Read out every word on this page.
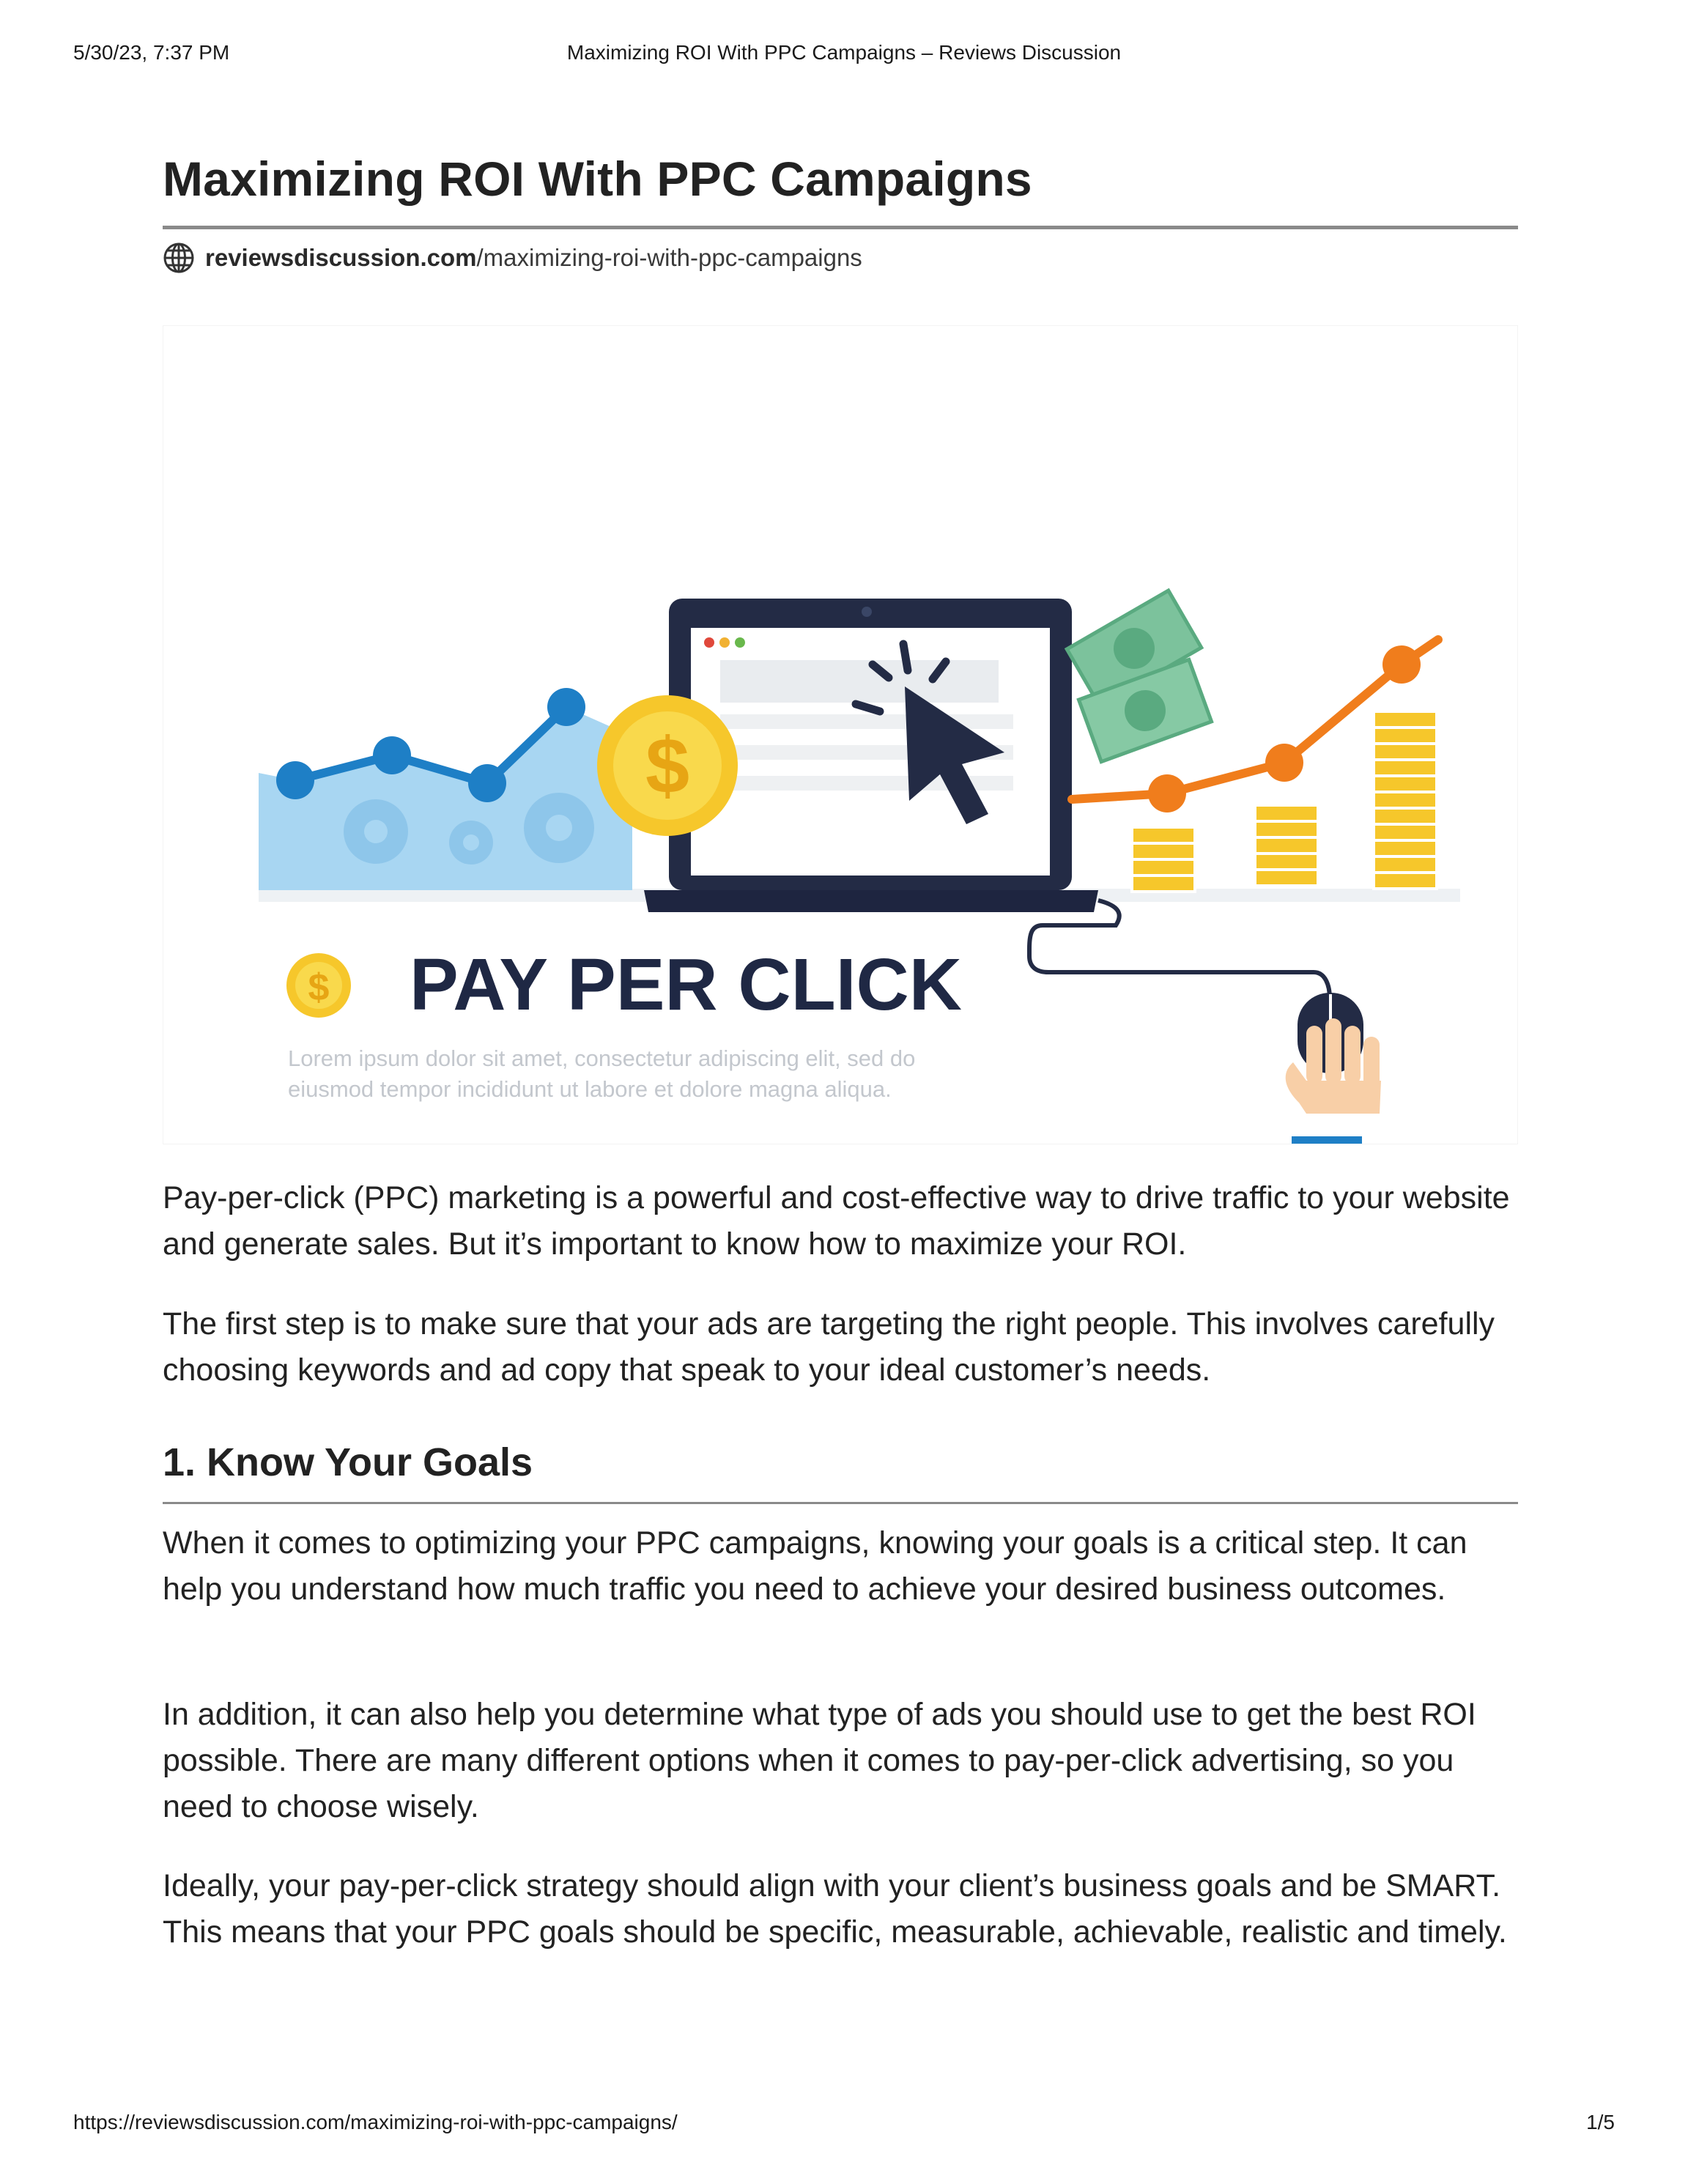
5/30/23, 7:37 PM	Maximizing ROI With PPC Campaigns – Reviews Discussion
Maximizing ROI With PPC Campaigns
reviewsdiscussion.com /maximizing-roi-with-ppc-campaigns
$
$ PAY PER CLICK
Lorem ipsum dolor sit amet, consectetur adipiscing elit, sed do
eiusmod tempor incididunt ut labore et dolore magna aliqua.

Pay-per-click (PPC) marketing is a powerful and cost-effective way to drive traffic to your website and generate sales. But it’s important to know how to maximize your ROI.

The first step is to make sure that your ads are targeting the right people. This involves carefully choosing keywords and ad copy that speak to your ideal customer’s needs.

1. Know Your Goals

When it comes to optimizing your PPC campaigns, knowing your goals is a critical step. It can help you understand how much traffic you need to achieve your desired business outcomes.

In addition, it can also help you determine what type of ads you should use to get the best ROI possible. There are many different options when it comes to pay-per-click advertising, so you need to choose wisely.

Ideally, your pay-per-click strategy should align with your client’s business goals and be SMART. This means that your PPC goals should be specific, measurable, achievable, realistic and timely.

https://reviewsdiscussion.com/maximizing-roi-with-ppc-campaigns/	1/5
